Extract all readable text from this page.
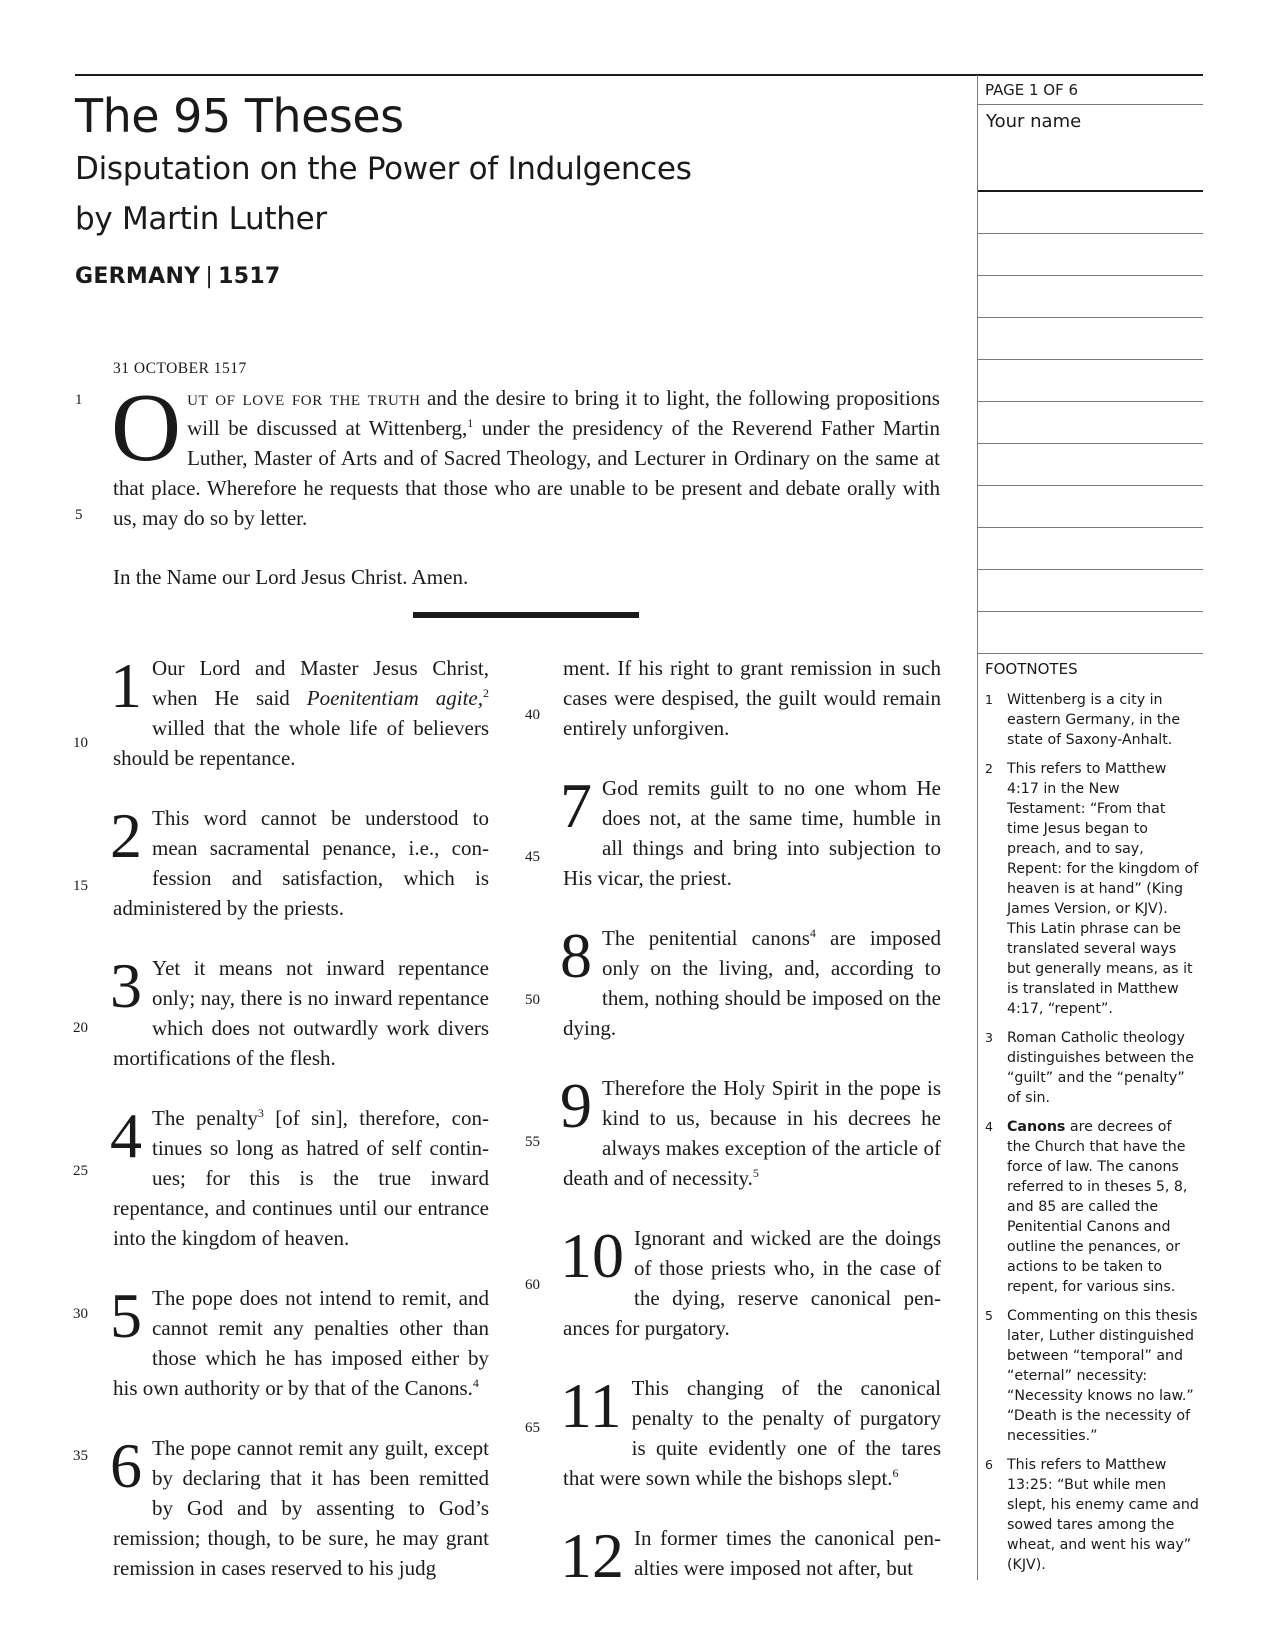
The 95 Theses
Disputation on the Power of Indulgences
by Martin Luther
GERMANY | 1517
PAGE 1 OF 6
Your name
FOOTNOTES
1 Wittenberg is a city in eastern Germany, in the state of Saxony-Anhalt.
2 This refers to Matthew 4:17 in the New Testament: “From that time Jesus began to preach, and to say, Repent: for the kingdom of heaven is at hand” (King James Version, or KJV). This Latin phrase can be translated several ways but generally means, as it is translated in Matthew 4:17, “repent”.
3 Roman Catholic theology distinguishes between the “guilt” and the “penalty” of sin.
4 Canons are decrees of the Church that have the force of law. The canons referred to in theses 5, 8, and 85 are called the Penitential Canons and outline the penances, or actions to be taken to repent, for various sins.
5 Commenting on this thesis later, Luther distinguished between “temporal” and “eternal” necessity: “Necessity knows no law.” “Death is the necessity of necessities.”
6 This refers to Matthew 13:25: “But while men slept, his enemy came and sowed tares among the wheat, and went his way” (KJV).
31 OCTOBER 1517
1
5
10
15
20
25
30
35
40
45
50
55
60
65
Out of love for the truth and the desire to bring it to light, the following propositions will be discussed at Wittenberg,$^1$ under the presidency of the Reverend Father Martin Luther, Master of Arts and of Sacred Theology, and Lecturer in Ordinary on the same at that place. Wherefore he requests that those who are unable to be present and debate orally with us, may do so by letter.
In the Name our Lord Jesus Christ. Amen.
1 Our Lord and Master Jesus Christ, when He said Poenitentiam agite,$^2$ willed that the whole life of believers should be repentance.
2 This word cannot be understood to mean sacramental penance, i.e., confession and satisfaction, which is administered by the priests.
3 Yet it means not inward repentance only; nay, there is no inward repentance which does not outwardly work divers mortifications of the flesh.
4 The penalty$^3$ [of sin], therefore, continues so long as hatred of self continues; for this is the true inward repentance, and continues until our entrance into the kingdom of heaven.
5 The pope does not intend to remit, and cannot remit any penalties other than those which he has imposed either by his own authority or by that of the Canons.$^4$
6 The pope cannot remit any guilt, except by declaring that it has been remitted by God and by assenting to God’s remission; though, to be sure, he may grant remission in cases reserved to his judg
ment. If his right to grant remission in such cases were despised, the guilt would remain entirely unforgiven.
7 God remits guilt to no one whom He does not, at the same time, humble in all things and bring into subjection to His vicar, the priest.
8 The penitential canons$^4$ are imposed only on the living, and, according to them, nothing should be imposed on the dying.
9 Therefore the Holy Spirit in the pope is kind to us, because in his decrees he always makes exception of the article of death and of necessity.$^5$
10 Ignorant and wicked are the doings of those priests who, in the case of the dying, reserve canonical penances for purgatory.
11 This changing of the canonical penalty to the penalty of purgatory is quite evidently one of the tares that were sown while the bishops slept.$^6$
12 In former times the canonical penalties were imposed not after, but
